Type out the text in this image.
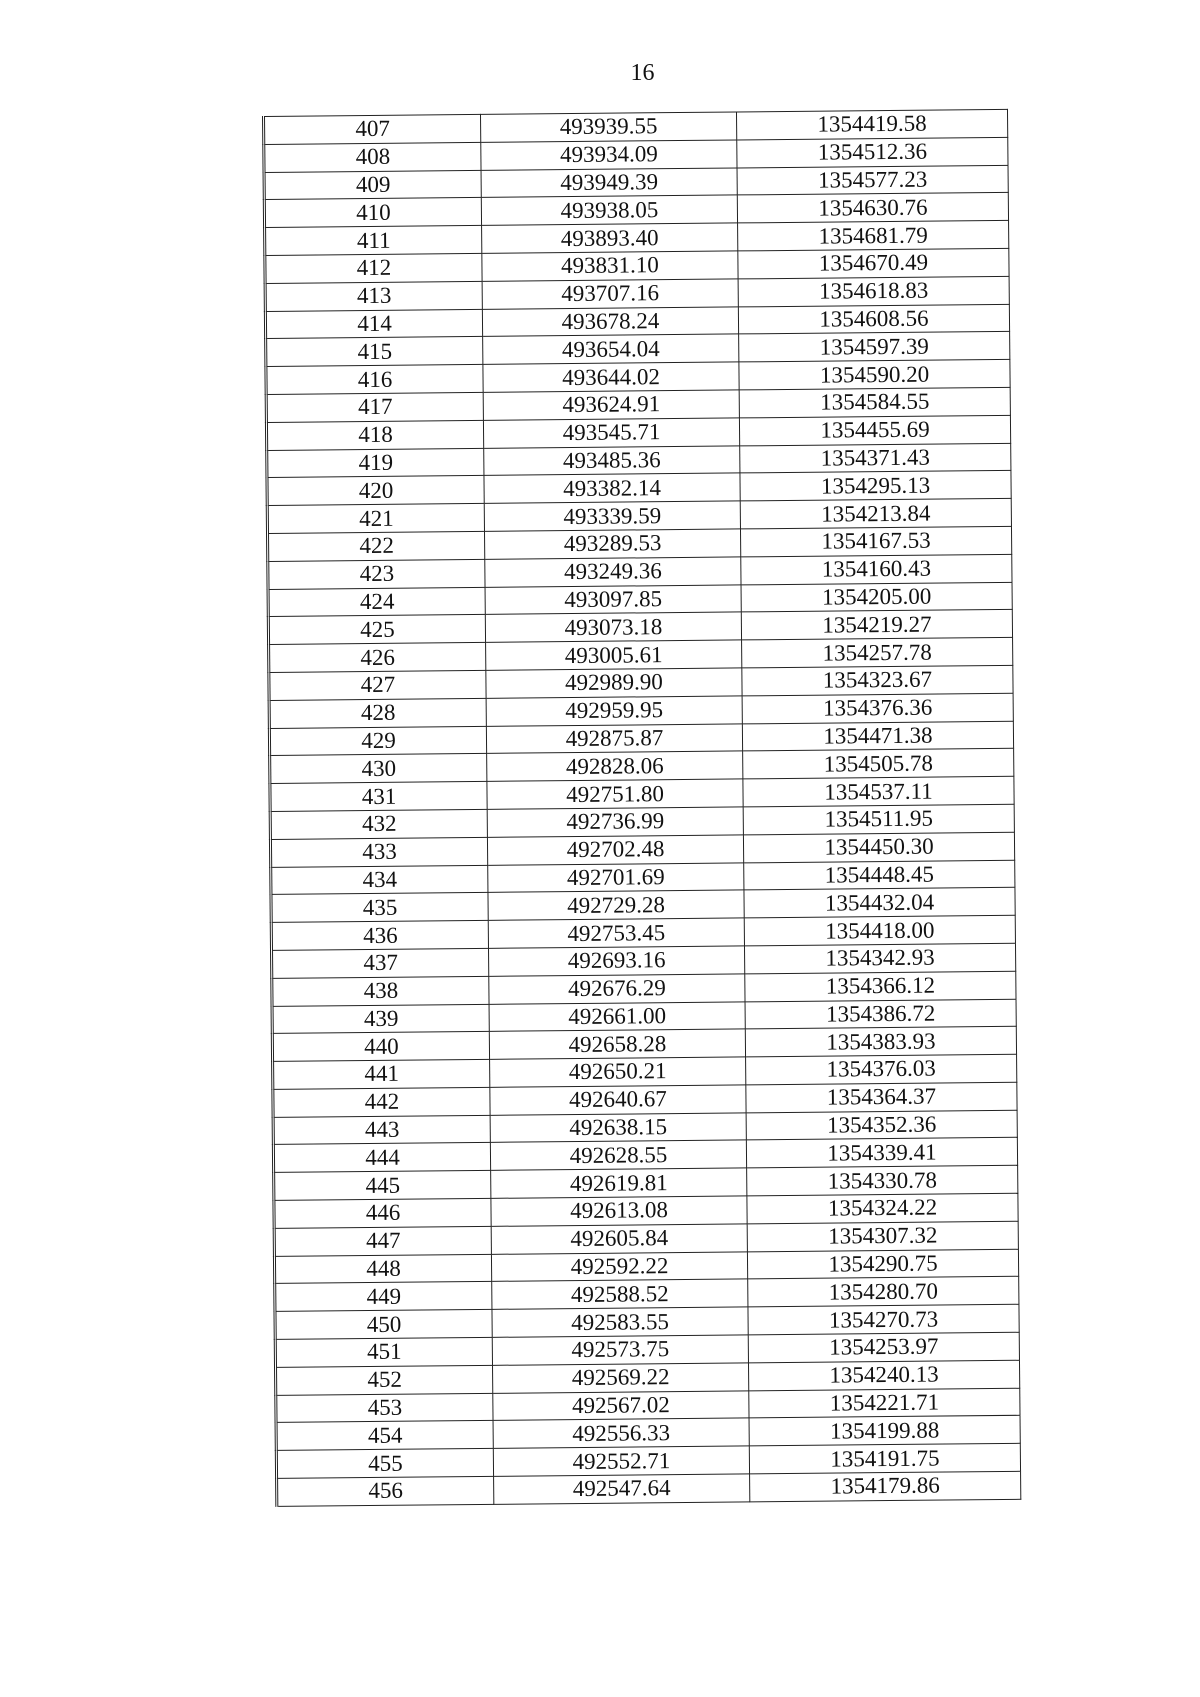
16
407	493939.55	1354419.58
408	493934.09	1354512.36
409	493949.39	1354577.23
410	493938.05	1354630.76
411	493893.40	1354681.79
412	493831.10	1354670.49
413	493707.16	1354618.83
414	493678.24	1354608.56
415	493654.04	1354597.39
416	493644.02	1354590.20
417	493624.91	1354584.55
418	493545.71	1354455.69
419	493485.36	1354371.43
420	493382.14	1354295.13
421	493339.59	1354213.84
422	493289.53	1354167.53
423	493249.36	1354160.43
424	493097.85	1354205.00
425	493073.18	1354219.27
426	493005.61	1354257.78
427	492989.90	1354323.67
428	492959.95	1354376.36
429	492875.87	1354471.38
430	492828.06	1354505.78
431	492751.80	1354537.11
432	492736.99	1354511.95
433	492702.48	1354450.30
434	492701.69	1354448.45
435	492729.28	1354432.04
436	492753.45	1354418.00
437	492693.16	1354342.93
438	492676.29	1354366.12
439	492661.00	1354386.72
440	492658.28	1354383.93
441	492650.21	1354376.03
442	492640.67	1354364.37
443	492638.15	1354352.36
444	492628.55	1354339.41
445	492619.81	1354330.78
446	492613.08	1354324.22
447	492605.84	1354307.32
448	492592.22	1354290.75
449	492588.52	1354280.70
450	492583.55	1354270.73
451	492573.75	1354253.97
452	492569.22	1354240.13
453	492567.02	1354221.71
454	492556.33	1354199.88
455	492552.71	1354191.75
456	492547.64	1354179.86
